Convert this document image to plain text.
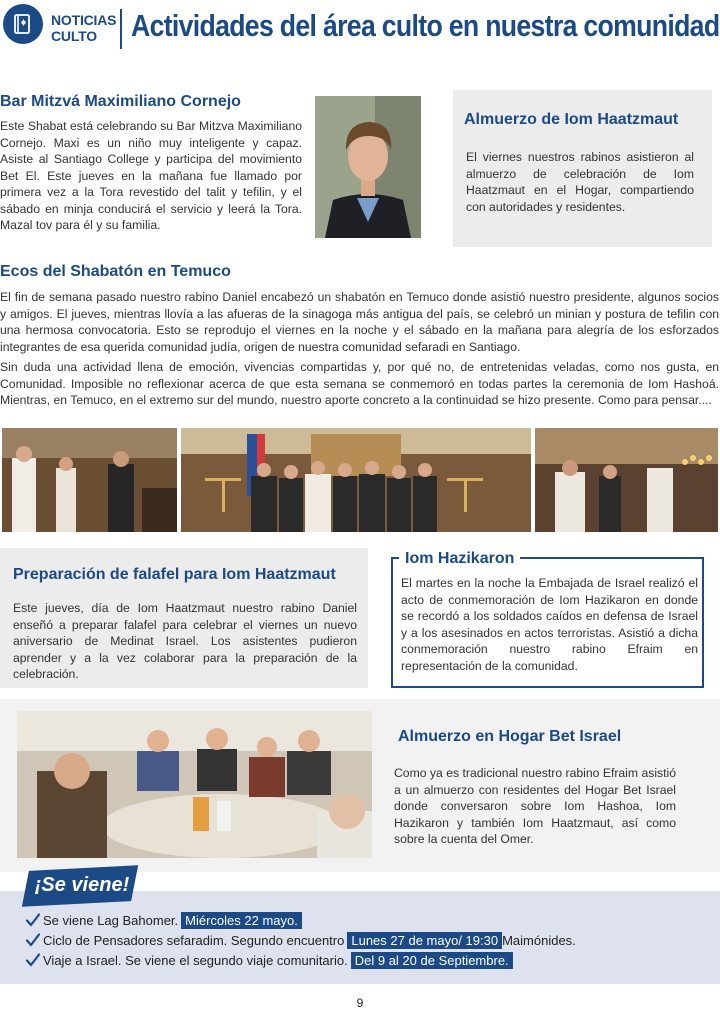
NOTICIAS
CULTO	Actividades del área culto en nuestra comunidad
Bar Mitzvá Maximiliano Cornejo
Este Shabat está celebrando su Bar Mitzva Maximiliano Cornejo. Maxi es un niño muy inteligente y capaz. Asiste al Santiago College y participa del movimiento Bet El. Este jueves en la mañana fue llamado por primera vez a la Tora revestido del talit y tefilin, y el sábado en minja conducirá el servicio y leerá la Tora. Mazal tov para él y su familia.
Almuerzo de Iom Haatzmaut
El viernes nuestros rabinos asistieron al almuerzo de celebración de Iom Haatzmaut en el Hogar, compartiendo con autoridades y residentes.
Ecos del Shabatón en Temuco
El fin de semana pasado nuestro rabino Daniel encabezó un shabatón en Temuco donde asistió nuestro presidente, algunos socios y amigos. El jueves, mientras llovía a las afueras de la sinagoga más antigua del país, se celebró un minian y postura de tefilin con una hermosa convocatoria. Esto se reprodujo el viernes en la noche y el sábado en la mañana para alegría de los esforzados integrantes de esa querida comunidad judía, origen de nuestra comunidad sefaradi en Santiago.
Sin duda una actividad llena de emoción, vivencias compartidas y, por qué no, de entretenidas veladas, como nos gusta, en Comunidad. Imposible no reflexionar acerca de que esta semana se conmemoró en todas partes la ceremonia de Iom Hashoá. Mientras, en Temuco, en el extremo sur del mundo, nuestro aporte concreto a la continuidad se hizo presente. Como para pensar....
Preparación de falafel para Iom Haatzmaut
Este jueves, día de Iom Haatzmaut nuestro rabino Daniel enseñó a preparar falafel para celebrar el viernes un nuevo aniversario de Medinat Israel. Los asistentes pudieron aprender y a la vez colaborar para la preparación de la celebración.
Iom Hazikaron
El martes en la noche la Embajada de Israel realizó el acto de conmemoración de Iom Hazikaron en donde se recordó a los soldados caídos en defensa de Israel y a los asesinados en actos terroristas. Asistió a dicha conmemoración nuestro rabino Efraim en representación de la comunidad.
Almuerzo en Hogar Bet Israel
Como ya es tradicional nuestro rabino Efraim asistió a un almuerzo con residentes del Hogar Bet Israel donde conversaron sobre Iom Hashoa, Iom Hazikaron y también Iom Haatzmaut, así como sobre la cuenta del Omer.
¡Se viene!
Se viene Lag Bahomer. Miércoles 22 mayo.
Ciclo de Pensadores sefaradim. Segundo encuentro Lunes 27 de mayo/ 19:30 Maimónides.
Viaje a Israel. Se viene el segundo viaje comunitario. Del 9 al 20 de Septiembre.
9
